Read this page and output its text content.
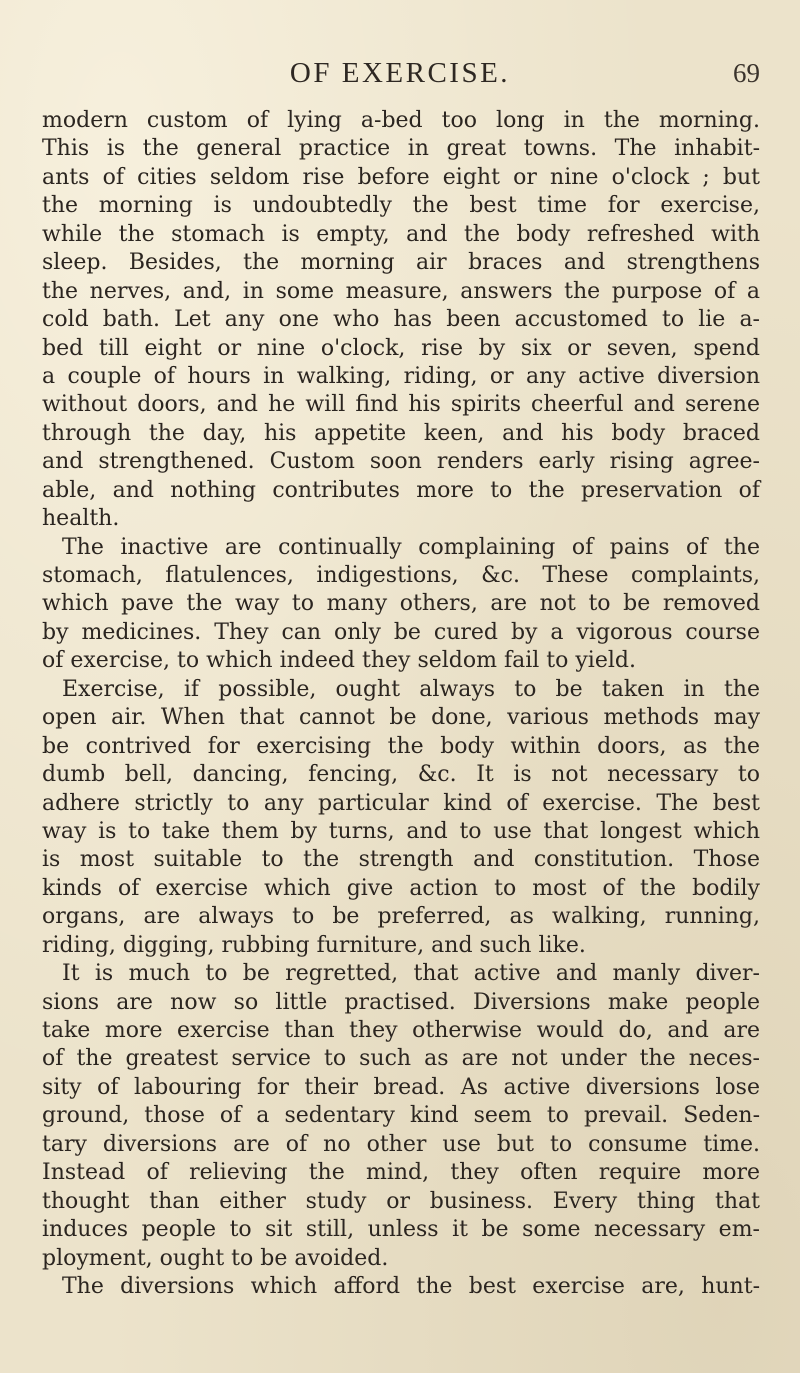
OF EXERCISE.	69
modern custom of lying a-bed too long in the morning.
This is the general practice in great towns. The inhabit-
ants of cities seldom rise before eight or nine o'clock ; but
the morning is undoubtedly the best time for exercise,
while the stomach is empty, and the body refreshed with
sleep. Besides, the morning air braces and strengthens
the nerves, and, in some measure, answers the purpose of a
cold bath. Let any one who has been accustomed to lie a-
bed till eight or nine o'clock, rise by six or seven, spend
a couple of hours in walking, riding, or any active diversion
without doors, and he will find his spirits cheerful and serene
through the day, his appetite keen, and his body braced
and strengthened. Custom soon renders early rising agree-
able, and nothing contributes more to the preservation of
health.
The inactive are continually complaining of pains of the
stomach, flatulences, indigestions, &c. These complaints,
which pave the way to many others, are not to be removed
by medicines. They can only be cured by a vigorous course
of exercise, to which indeed they seldom fail to yield.
Exercise, if possible, ought always to be taken in the
open air. When that cannot be done, various methods may
be contrived for exercising the body within doors, as the
dumb bell, dancing, fencing, &c. It is not necessary to
adhere strictly to any particular kind of exercise. The best
way is to take them by turns, and to use that longest which
is most suitable to the strength and constitution. Those
kinds of exercise which give action to most of the bodily
organs, are always to be preferred, as walking, running,
riding, digging, rubbing furniture, and such like.
It is much to be regretted, that active and manly diver-
sions are now so little practised. Diversions make people
take more exercise than they otherwise would do, and are
of the greatest service to such as are not under the neces-
sity of labouring for their bread. As active diversions lose
ground, those of a sedentary kind seem to prevail. Seden-
tary diversions are of no other use but to consume time.
Instead of relieving the mind, they often require more
thought than either study or business. Every thing that
induces people to sit still, unless it be some necessary em-
ployment, ought to be avoided.
The diversions which afford the best exercise are, hunt-
